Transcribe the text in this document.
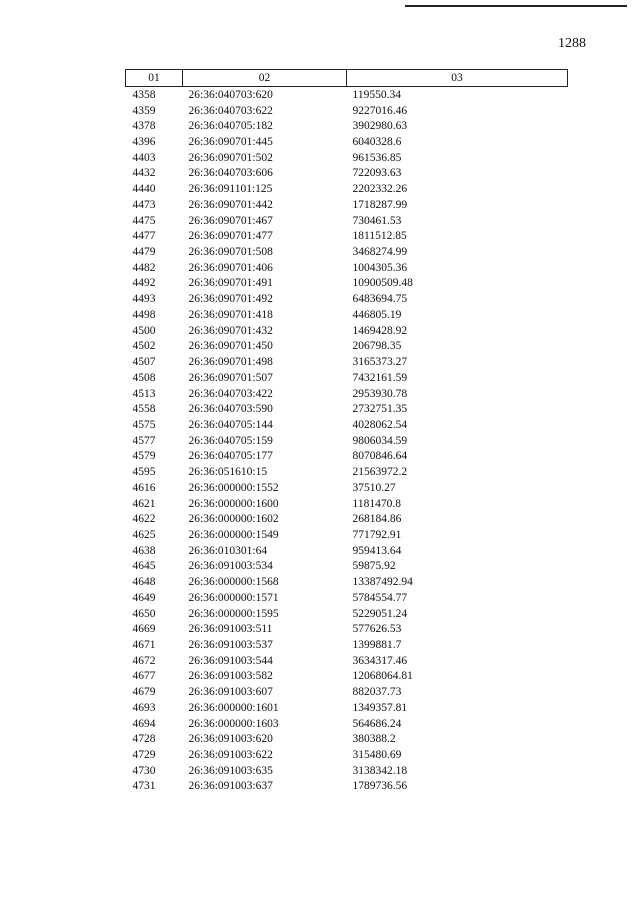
1288
01	02	03
4358	26:36:040703:620	119550.34
4359	26:36:040703:622	9227016.46
4378	26:36:040705:182	3902980.63
4396	26:36:090701:445	6040328.6
4403	26:36:090701:502	961536.85
4432	26:36:040703:606	722093.63
4440	26:36:091101:125	2202332.26
4473	26:36:090701:442	1718287.99
4475	26:36:090701:467	730461.53
4477	26:36:090701:477	1811512.85
4479	26:36:090701:508	3468274.99
4482	26:36:090701:406	1004305.36
4492	26:36:090701:491	10900509.48
4493	26:36:090701:492	6483694.75
4498	26:36:090701:418	446805.19
4500	26:36:090701:432	1469428.92
4502	26:36:090701:450	206798.35
4507	26:36:090701:498	3165373.27
4508	26:36:090701:507	7432161.59
4513	26:36:040703:422	2953930.78
4558	26:36:040703:590	2732751.35
4575	26:36:040705:144	4028062.54
4577	26:36:040705:159	9806034.59
4579	26:36:040705:177	8070846.64
4595	26:36:051610:15	21563972.2
4616	26:36:000000:1552	37510.27
4621	26:36:000000:1600	1181470.8
4622	26:36:000000:1602	268184.86
4625	26:36:000000:1549	771792.91
4638	26:36:010301:64	959413.64
4645	26:36:091003:534	59875.92
4648	26:36:000000:1568	13387492.94
4649	26:36:000000:1571	5784554.77
4650	26:36:000000:1595	5229051.24
4669	26:36:091003:511	577626.53
4671	26:36:091003:537	1399881.7
4672	26:36:091003:544	3634317.46
4677	26:36:091003:582	12068064.81
4679	26:36:091003:607	882037.73
4693	26:36:000000:1601	1349357.81
4694	26:36:000000:1603	564686.24
4728	26:36:091003:620	380388.2
4729	26:36:091003:622	315480.69
4730	26:36:091003:635	3138342.18
4731	26:36:091003:637	1789736.56
